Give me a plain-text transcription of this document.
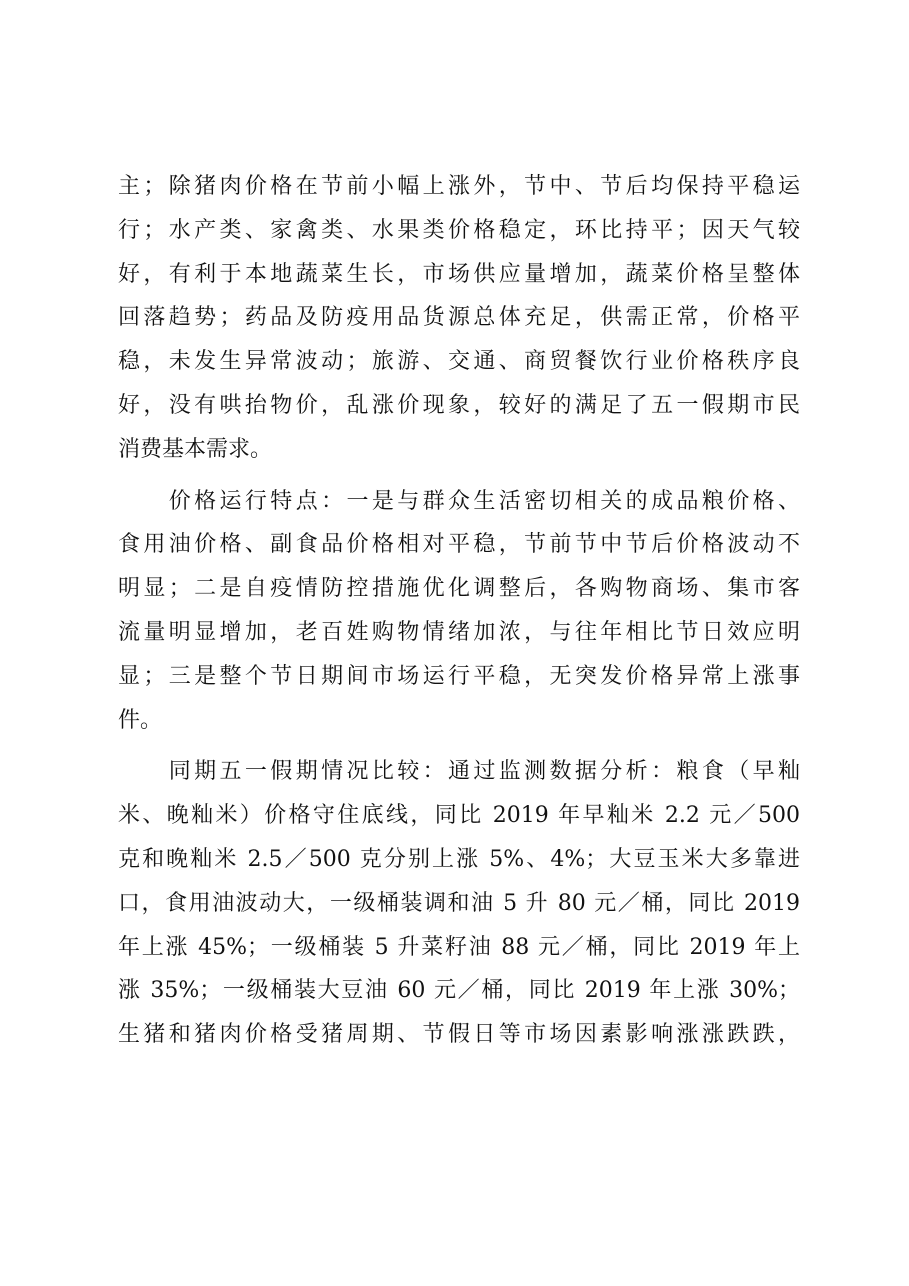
主；除猪肉价格在节前小幅上涨外，节中、节后均保持平稳运
行；水产类、家禽类、水果类价格稳定，环比持平；因天气较
好，有利于本地蔬菜生长，市场供应量增加，蔬菜价格呈整体
回落趋势；药品及防疫用品货源总体充足，供需正常，价格平
稳，未发生异常波动；旅游、交通、商贸餐饮行业价格秩序良
好，没有哄抬物价，乱涨价现象，较好的满足了五一假期市民
消费基本需求。
　　价格运行特点：一是与群众生活密切相关的成品粮价格、
食用油价格、副食品价格相对平稳，节前节中节后价格波动不
明显；二是自疫情防控措施优化调整后，各购物商场、集市客
流量明显增加，老百姓购物情绪加浓，与往年相比节日效应明
显；三是整个节日期间市场运行平稳，无突发价格异常上涨事
件。
　　同期五一假期情况比较：通过监测数据分析：粮食（早籼
米、晚籼米）价格守住底线，同比 2019 年早籼米 2.2 元／500
克和晚籼米 2.5／500 克分别上涨 5%、4%；大豆玉米大多靠进
口，食用油波动大，一级桶装调和油 5 升 80 元／桶，同比 2019
年上涨 45%；一级桶装 5 升菜籽油 88 元／桶，同比 2019 年上
涨 35%；一级桶装大豆油 60 元／桶，同比 2019 年上涨 30%；
生猪和猪肉价格受猪周期、节假日等市场因素影响涨涨跌跌，
